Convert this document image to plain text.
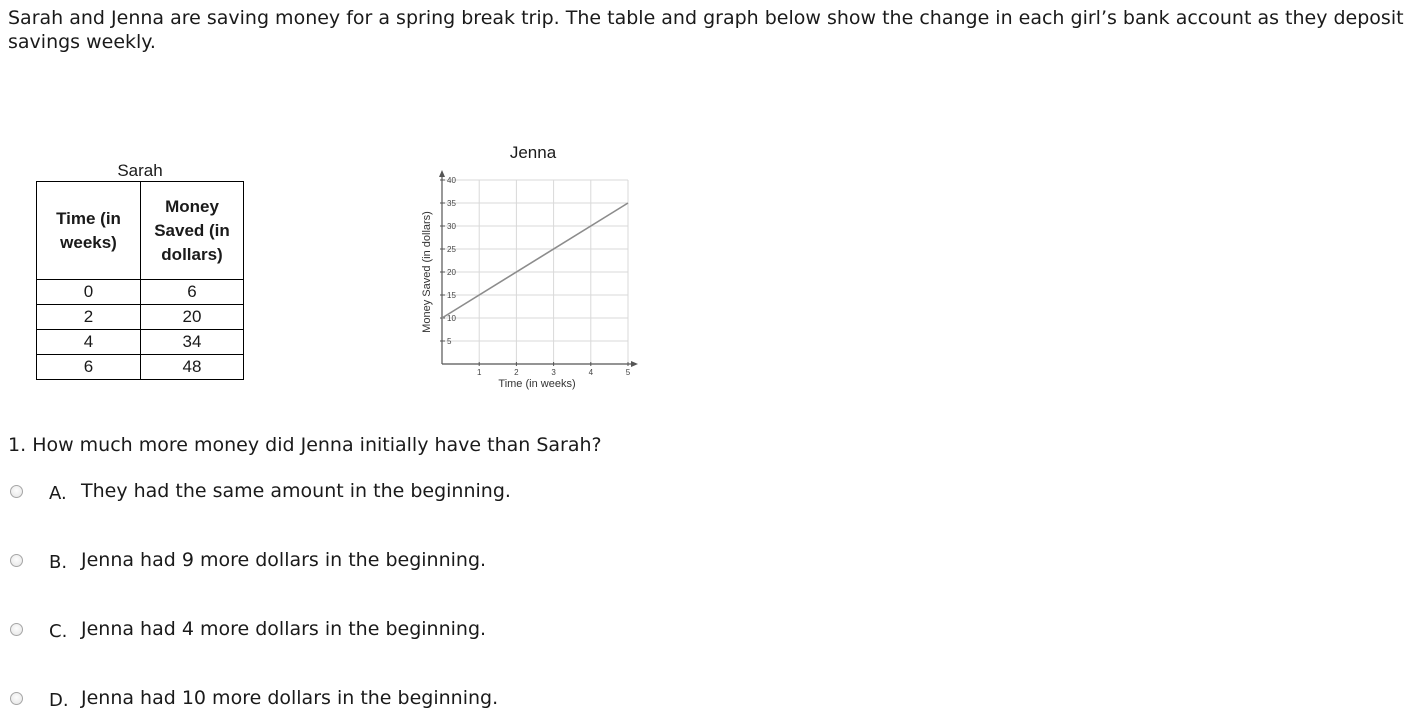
Sarah and Jenna are saving money for a spring break trip. The table and graph below show the change in each girl’s bank account as they deposit savings weekly.

Sarah
Time (in weeks)	Money Saved (in dollars)
0	6
2	20
4	34
6	48
Jenna
5
10
15
20
25
30
35
40
1	2	3	4	5
Time (in weeks)
Money Saved (in dollars)

1. How much more money did Jenna initially have than Sarah?

A. They had the same amount in the beginning.
B. Jenna had 9 more dollars in the beginning.
C. Jenna had 4 more dollars in the beginning.
D. Jenna had 10 more dollars in the beginning.
